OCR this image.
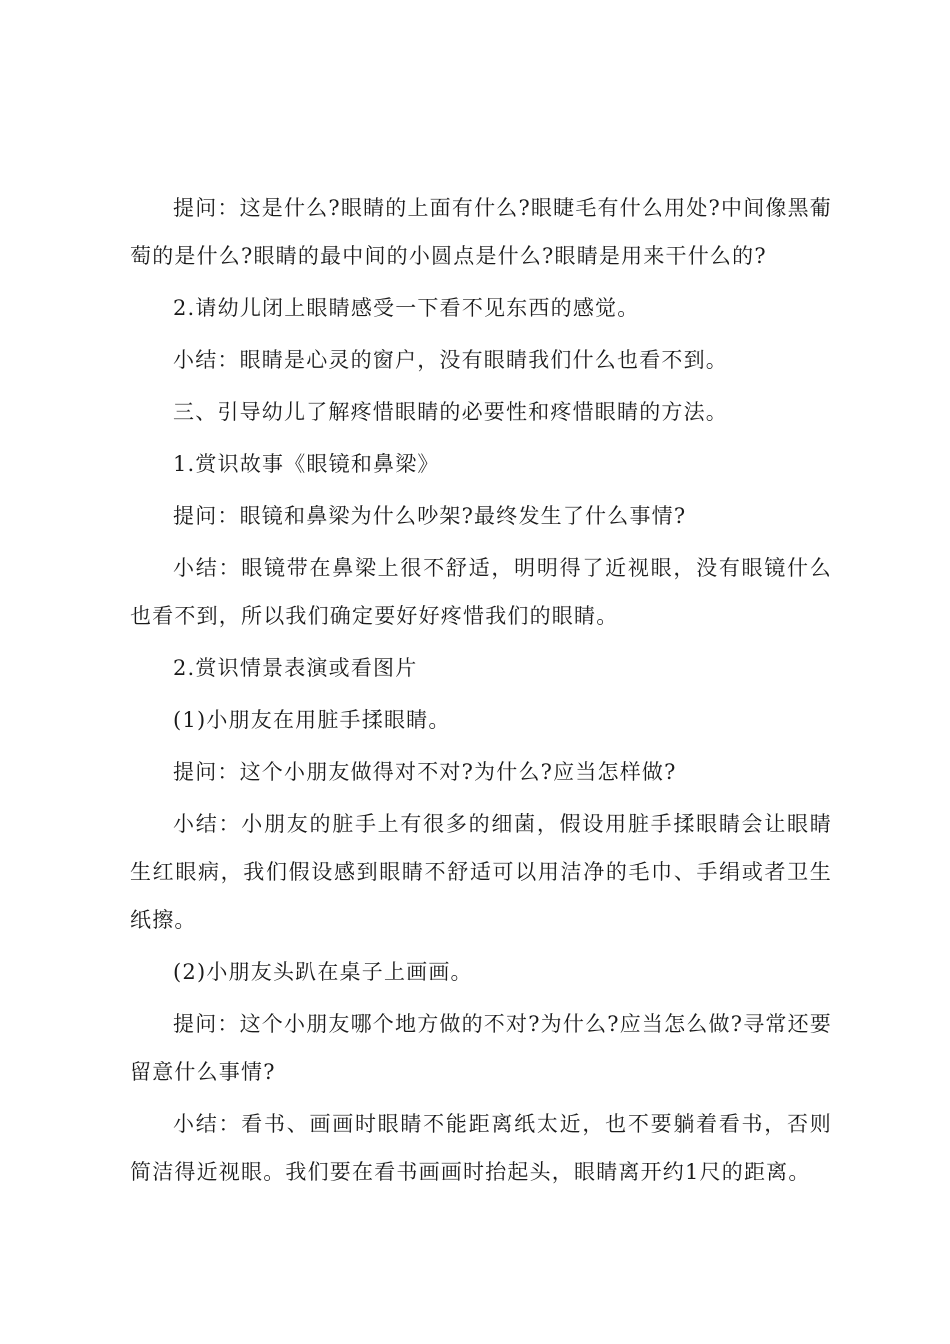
提问：这是什么?眼睛的上面有什么?眼睫毛有什么用处?中间像黑葡萄的是什么?眼睛的最中间的小圆点是什么?眼睛是用来干什么的?

2.请幼儿闭上眼睛感受一下看不见东西的感觉。

小结：眼睛是心灵的窗户，没有眼睛我们什么也看不到。

三、引导幼儿了解疼惜眼睛的必要性和疼惜眼睛的方法。

1.赏识故事《眼镜和鼻梁》

提问：眼镜和鼻梁为什么吵架?最终发生了什么事情?

小结：眼镜带在鼻梁上很不舒适，明明得了近视眼，没有眼镜什么也看不到，所以我们确定要好好疼惜我们的眼睛。

2.赏识情景表演或看图片

(1)小朋友在用脏手揉眼睛。

提问：这个小朋友做得对不对?为什么?应当怎样做?

小结：小朋友的脏手上有很多的细菌，假设用脏手揉眼睛会让眼睛生红眼病，我们假设感到眼睛不舒适可以用洁净的毛巾、手绢或者卫生纸擦。

(2)小朋友头趴在桌子上画画。

提问：这个小朋友哪个地方做的不对?为什么?应当怎么做?寻常还要留意什么事情?

小结：看书、画画时眼睛不能距离纸太近，也不要躺着看书，否则简洁得近视眼。我们要在看书画画时抬起头，眼睛离开约1尺的距离。
